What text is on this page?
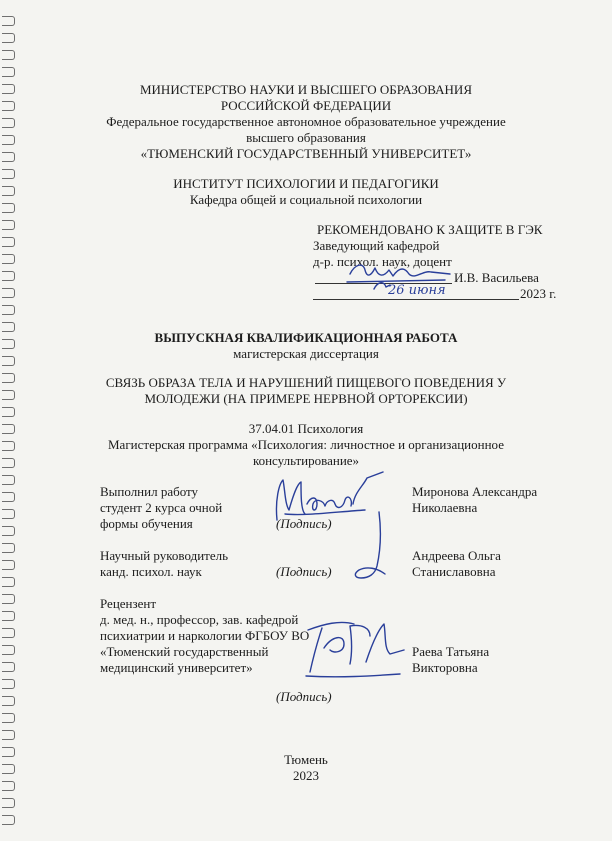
МИНИСТЕРСТВО НАУКИ И ВЫСШЕГО ОБРАЗОВАНИЯ
РОССИЙСКОЙ ФЕДЕРАЦИИ
Федеральное государственное автономное образовательное учреждение
высшего образования
«ТЮМЕНСКИЙ ГОСУДАРСТВЕННЫЙ УНИВЕРСИТЕТ»
ИНСТИТУТ ПСИХОЛОГИИ И ПЕДАГОГИКИ
Кафедра общей и социальной психологии
РЕКОМЕНДОВАНО К ЗАЩИТЕ В ГЭК
Заведующий кафедрой
д-р. психол. наук, доцент
И.В. Васильева
2023 г.
26 июня
ВЫПУСКНАЯ КВАЛИФИКАЦИОННАЯ РАБОТА
магистерская диссертация
СВЯЗЬ ОБРАЗА ТЕЛА И НАРУШЕНИЙ ПИЩЕВОГО ПОВЕДЕНИЯ У
МОЛОДЕЖИ (НА ПРИМЕРЕ НЕРВНОЙ ОРТОРЕКСИИ)
37.04.01 Психология
Магистерская программа «Психология: личностное и организационное
консультирование»
Выполнил работу
студент 2 курса очной
формы обучения	(Подпись)
Миронова Александра
Николаевна
Научный руководитель
канд. психол. наук	(Подпись)
Андреева Ольга
Станиславовна
Рецензент
д. мед. н., профессор, зав. кафедрой
психиатрии и наркологии ФГБОУ ВО
«Тюменский государственный
медицинский университет»
Раева Татьяна
Викторовна
(Подпись)
Тюмень
2023
